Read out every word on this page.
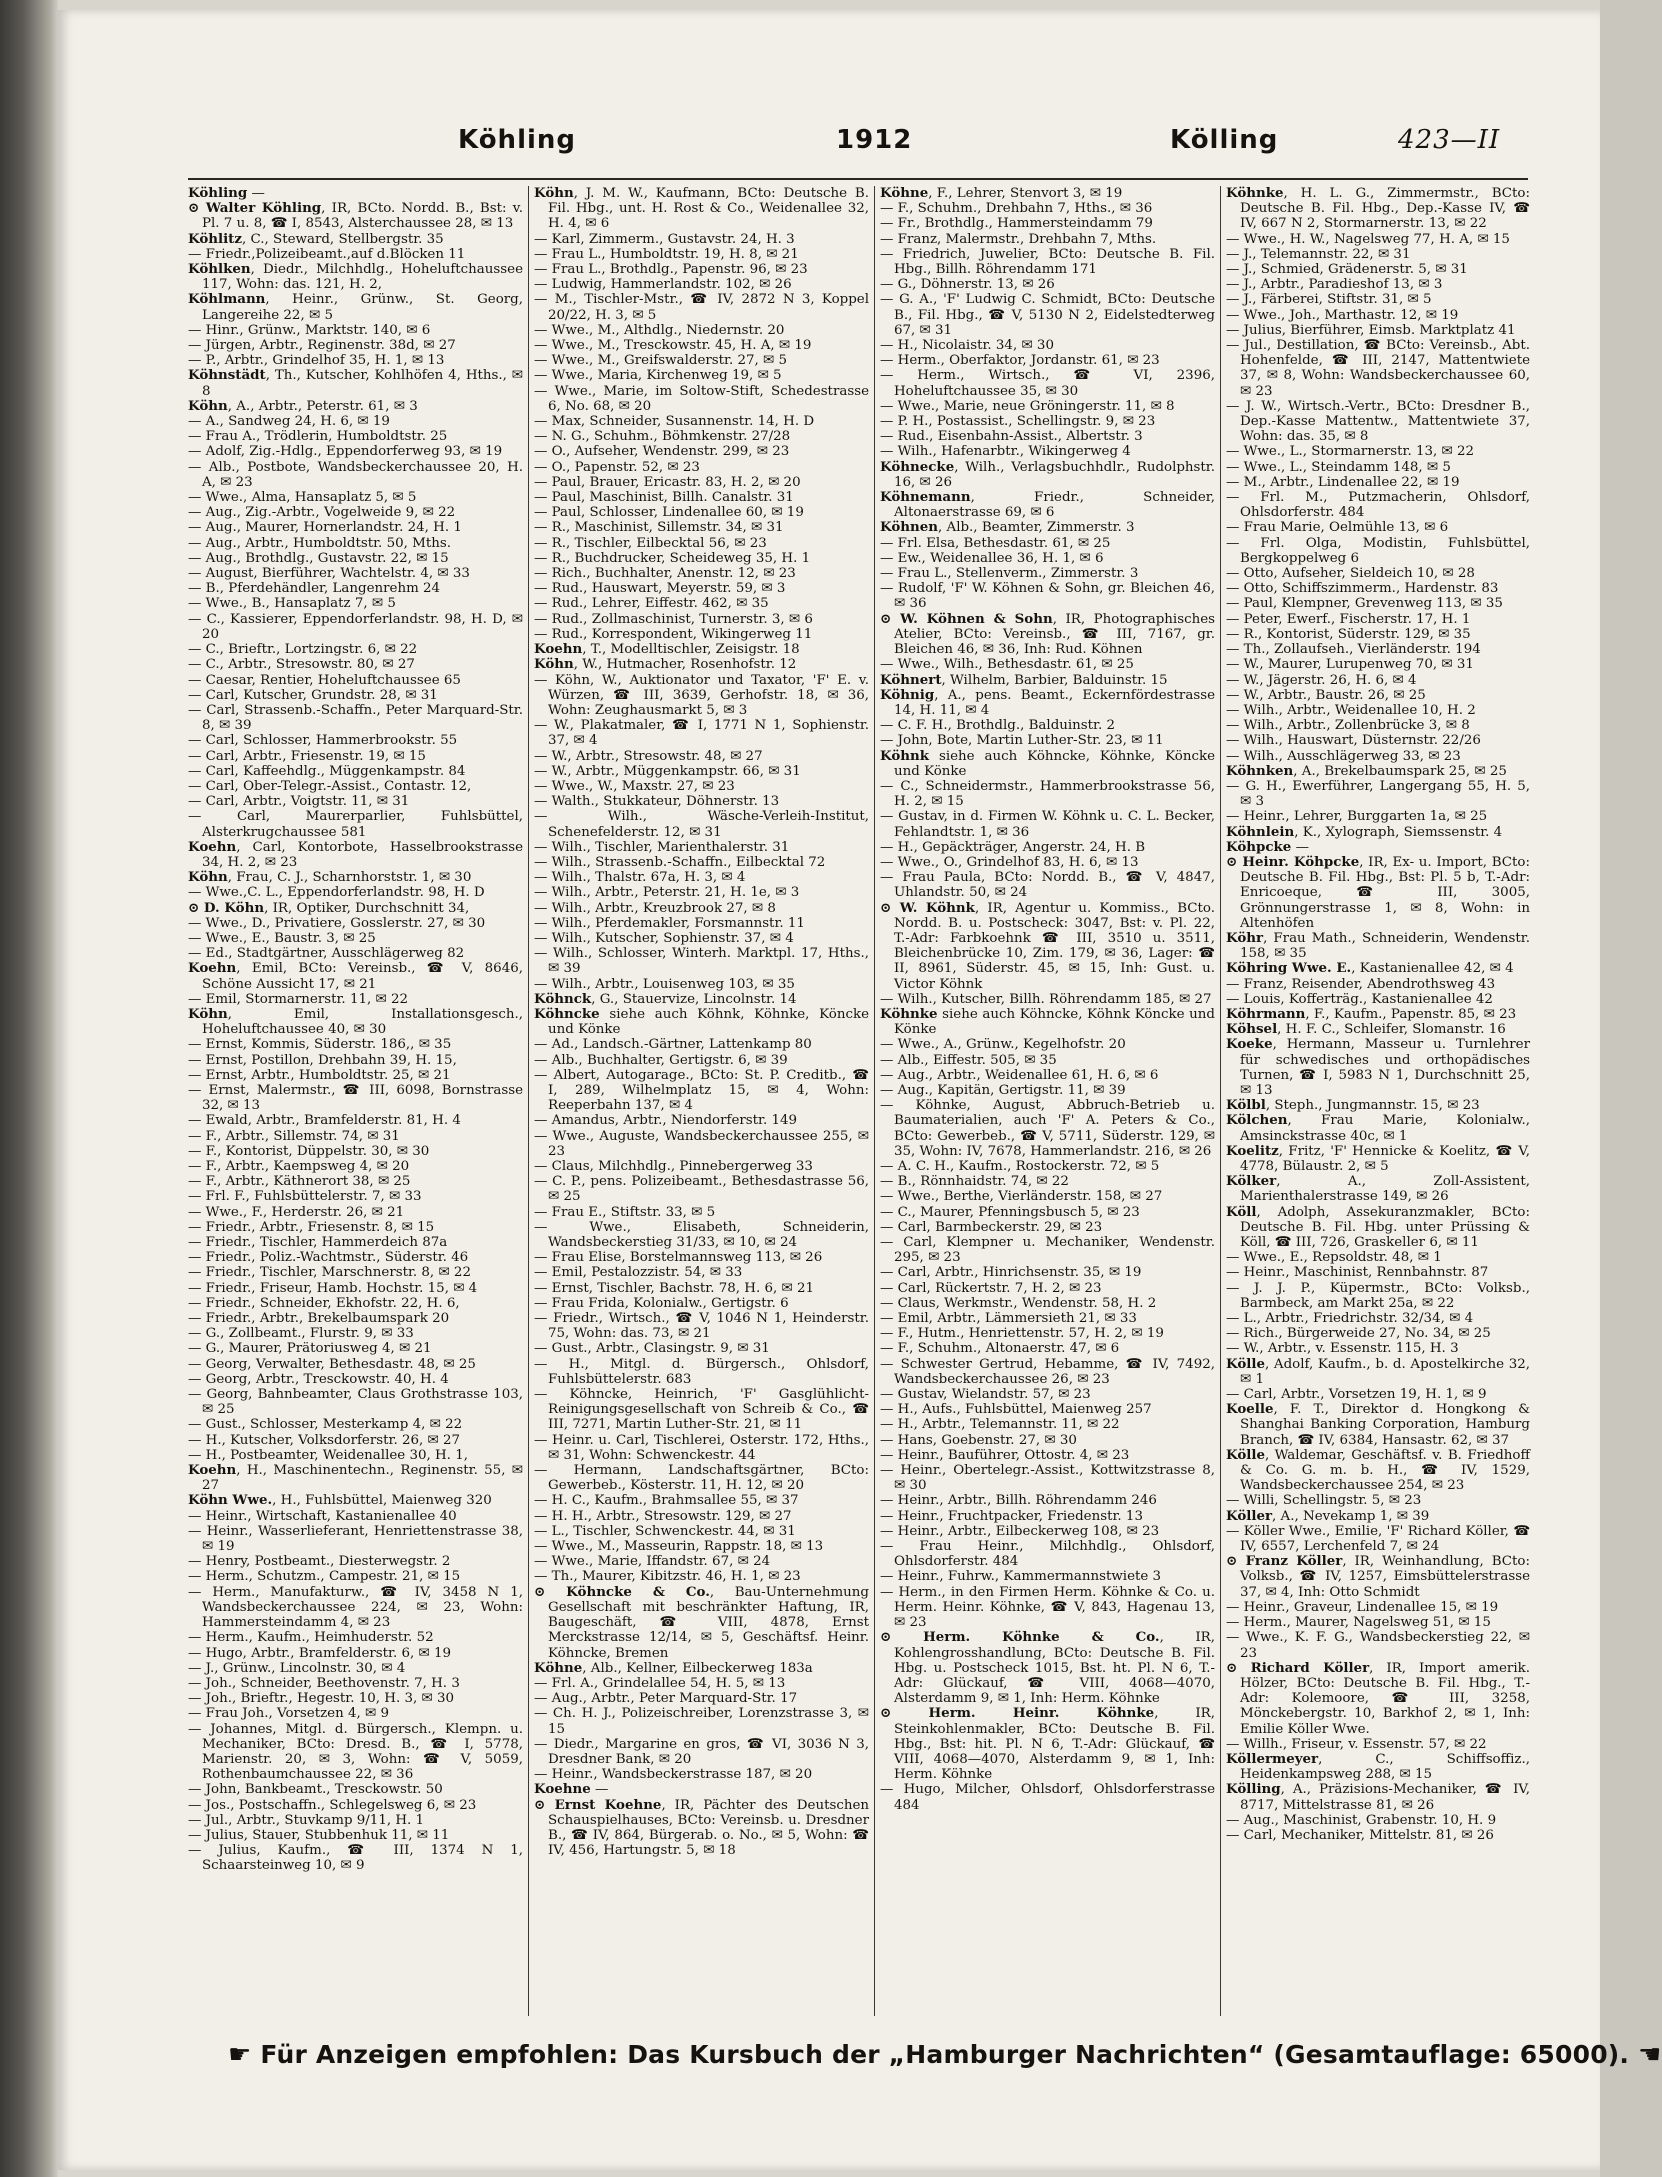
Köhling	1912	Kölling	423—II

Köhling —

⊙ Walter Köhling, IR, BCto. Nordd. B., Bst: v. Pl. 7 u. 8, ☎ I, 8543, Alsterchaussee 28, ✉ 13

Köhlitz, C., Steward, Stellbergstr. 35

— Friedr.,Polizeibeamt.,auf d.Blöcken 11

Köhlken, Diedr., Milchhdlg., Hoheluftchaussee 117, Wohn: das. 121, H. 2,

Köhlmann, Heinr., Grünw., St. Georg, Langereihe 22, ✉ 5

— Hinr., Grünw., Marktstr. 140, ✉ 6

— Jürgen, Arbtr., Reginenstr. 38d, ✉ 27

— P., Arbtr., Grindelhof 35, H. 1, ✉ 13

Köhnstädt, Th., Kutscher, Kohlhöfen 4, Hths., ✉ 8

Köhn, A., Arbtr., Peterstr. 61, ✉ 3

— A., Sandweg 24, H. 6, ✉ 19

— Frau A., Trödlerin, Humboldtstr. 25

— Adolf, Zig.-Hdlg., Eppendorferweg 93, ✉ 19

— Alb., Postbote, Wandsbeckerchaussee 20, H. A, ✉ 23

— Wwe., Alma, Hansaplatz 5, ✉ 5

— Aug., Zig.-Arbtr., Vogelweide 9, ✉ 22

— Aug., Maurer, Hornerlandstr. 24, H. 1

— Aug., Arbtr., Humboldtstr. 50, Mths.

— Aug., Brothdlg., Gustavstr. 22, ✉ 15

— August, Bierführer, Wachtelstr. 4, ✉ 33

— B., Pferdehändler, Langenrehm 24

— Wwe., B., Hansaplatz 7, ✉ 5

— C., Kassierer, Eppendorferlandstr. 98, H. D, ✉ 20

— C., Brieftr., Lortzingstr. 6, ✉ 22

— C., Arbtr., Stresowstr. 80, ✉ 27

— Caesar, Rentier, Hoheluftchaussee 65

— Carl, Kutscher, Grundstr. 28, ✉ 31

— Carl, Strassenb.-Schaffn., Peter Marquard-Str. 8, ✉ 39

— Carl, Schlosser, Hammerbrookstr. 55

— Carl, Arbtr., Friesenstr. 19, ✉ 15

— Carl, Kaffeehdlg., Müggenkampstr. 84

— Carl, Ober-Telegr.-Assist., Contastr. 12,

— Carl, Arbtr., Voigtstr. 11, ✉ 31

— Carl, Maurerparlier, Fuhlsbüttel, Alsterkrugchaussee 581

Koehn, Carl, Kontorbote, Hasselbrookstrasse 34, H. 2, ✉ 23

Köhn, Frau, C. J., Scharnhorststr. 1, ✉ 30

— Wwe.,C. L., Eppendorferlandstr. 98, H. D

⊙ D. Köhn, IR, Optiker, Durchschnitt 34,

— Wwe., D., Privatiere, Gosslerstr. 27, ✉ 30

— Wwe., E., Baustr. 3, ✉ 25

— Ed., Stadtgärtner, Ausschlägerweg 82

Koehn, Emil, BCto: Vereinsb., ☎ V, 8646, Schöne Aussicht 17, ✉ 21

— Emil, Stormarnerstr. 11, ✉ 22

Köhn, Emil, Installationsgesch., Hoheluftchaussee 40, ✉ 30

— Ernst, Kommis, Süderstr. 186,, ✉ 35

— Ernst, Postillon, Drehbahn 39, H. 15,

— Ernst, Arbtr., Humboldtstr. 25, ✉ 21

— Ernst, Malermstr., ☎ III, 6098, Bornstrasse 32, ✉ 13

— Ewald, Arbtr., Bramfelderstr. 81, H. 4

— F., Arbtr., Sillemstr. 74, ✉ 31

— F., Kontorist, Düppelstr. 30, ✉ 30

— F., Arbtr., Kaempsweg 4, ✉ 20

— F., Arbtr., Käthnerort 38, ✉ 25

— Frl. F., Fuhlsbüttelerstr. 7, ✉ 33

— Wwe., F., Herderstr. 26, ✉ 21

— Friedr., Arbtr., Friesenstr. 8, ✉ 15

— Friedr., Tischler, Hammerdeich 87a

— Friedr., Poliz.-Wachtmstr., Süderstr. 46

— Friedr., Tischler, Marschnerstr. 8, ✉ 22

— Friedr., Friseur, Hamb. Hochstr. 15, ✉ 4

— Friedr., Schneider, Ekhofstr. 22, H. 6,

— Friedr., Arbtr., Brekelbaumspark 20

— G., Zollbeamt., Flurstr. 9, ✉ 33

— G., Maurer, Prätoriusweg 4, ✉ 21

— Georg, Verwalter, Bethesdastr. 48, ✉ 25

— Georg, Arbtr., Tresckowstr. 40, H. 4

— Georg, Bahnbeamter, Claus Grothstrasse 103, ✉ 25

— Gust., Schlosser, Mesterkamp 4, ✉ 22

— H., Kutscher, Volksdorferstr. 26, ✉ 27

— H., Postbeamter, Weidenallee 30, H. 1,

Koehn, H., Maschinentechn., Reginenstr. 55, ✉ 27

Köhn Wwe., H., Fuhlsbüttel, Maienweg 320

— Heinr., Wirtschaft, Kastanienallee 40

— Heinr., Wasserlieferant, Henriettenstrasse 38, ✉ 19

— Henry, Postbeamt., Diesterwegstr. 2

— Herm., Schutzm., Campestr. 21, ✉ 15

— Herm., Manufakturw., ☎ IV, 3458 N 1, Wandsbeckerchaussee 224, ✉ 23, Wohn: Hammersteindamm 4, ✉ 23

— Herm., Kaufm., Heimhuderstr. 52

— Hugo, Arbtr., Bramfelderstr. 6, ✉ 19

— J., Grünw., Lincolnstr. 30, ✉ 4

— Joh., Schneider, Beethovenstr. 7, H. 3

— Joh., Brieftr., Hegestr. 10, H. 3, ✉ 30

— Frau Joh., Vorsetzen 4, ✉ 9

— Johannes, Mitgl. d. Bürgersch., Klempn. u. Mechaniker, BCto: Dresd. B., ☎ I, 5778, Marienstr. 20, ✉ 3, Wohn: ☎ V, 5059, Rothenbaumchaussee 22, ✉ 36

— John, Bankbeamt., Tresckowstr. 50

— Jos., Postschaffn., Schlegelsweg 6, ✉ 23

— Jul., Arbtr., Stuvkamp 9/11, H. 1

— Julius, Stauer, Stubbenhuk 11, ✉ 11

— Julius, Kaufm., ☎ III, 1374 N 1, Schaarsteinweg 10, ✉ 9

Köhn, J. M. W., Kaufmann, BCto: Deutsche B. Fil. Hbg., unt. H. Rost & Co., Weidenallee 32, H. 4, ✉ 6

— Karl, Zimmerm., Gustavstr. 24, H. 3

— Frau L., Humboldtstr. 19, H. 8, ✉ 21

— Frau L., Brothdlg., Papenstr. 96, ✉ 23

— Ludwig, Hammerlandstr. 102, ✉ 26

— M., Tischler-Mstr., ☎ IV, 2872 N 3, Koppel 20/22, H. 3, ✉ 5

— Wwe., M., Althdlg., Niedernstr. 20

— Wwe., M., Tresckowstr. 45, H. A, ✉ 19

— Wwe., M., Greifswalderstr. 27, ✉ 5

— Wwe., Maria, Kirchenweg 19, ✉ 5

— Wwe., Marie, im Soltow-Stift, Schedestrasse 6, No. 68, ✉ 20

— Max, Schneider, Susannenstr. 14, H. D

— N. G., Schuhm., Böhmkenstr. 27/28

— O., Aufseher, Wendenstr. 299, ✉ 23

— O., Papenstr. 52, ✉ 23

— Paul, Brauer, Ericastr. 83, H. 2, ✉ 20

— Paul, Maschinist, Billh. Canalstr. 31

— Paul, Schlosser, Lindenallee 60, ✉ 19

— R., Maschinist, Sillemstr. 34, ✉ 31

— R., Tischler, Eilbecktal 56, ✉ 23

— R., Buchdrucker, Scheideweg 35, H. 1

— Rich., Buchhalter, Anenstr. 12, ✉ 23

— Rud., Hauswart, Meyerstr. 59, ✉ 3

— Rud., Lehrer, Eiffestr. 462, ✉ 35

— Rud., Zollmaschinist, Turnerstr. 3, ✉ 6

— Rud., Korrespondent, Wikingerweg 11

Koehn, T., Modelltischler, Zeisigstr. 18

Köhn, W., Hutmacher, Rosenhofstr. 12

— Köhn, W., Auktionator und Taxator, 'F' E. v. Würzen, ☎ III, 3639, Gerhofstr. 18, ✉ 36, Wohn: Zeughausmarkt 5, ✉ 3

— W., Plakatmaler, ☎ I, 1771 N 1, Sophienstr. 37, ✉ 4

— W., Arbtr., Stresowstr. 48, ✉ 27

— W., Arbtr., Müggenkampstr. 66, ✉ 31

— Wwe., W., Maxstr. 27, ✉ 23

— Walth., Stukkateur, Döhnerstr. 13

— Wilh., Wäsche-Verleih-Institut, Schenefelderstr. 12, ✉ 31

— Wilh., Tischler, Marienthalerstr. 31

— Wilh., Strassenb.-Schaffn., Eilbecktal 72

— Wilh., Thalstr. 67a, H. 3, ✉ 4

— Wilh., Arbtr., Peterstr. 21, H. 1e, ✉ 3

— Wilh., Arbtr., Kreuzbrook 27, ✉ 8

— Wilh., Pferdemakler, Forsmannstr. 11

— Wilh., Kutscher, Sophienstr. 37, ✉ 4

— Wilh., Schlosser, Winterh. Marktpl. 17, Hths., ✉ 39

— Wilh., Arbtr., Louisenweg 103, ✉ 35

Köhnck, G., Stauervize, Lincolnstr. 14

Köhncke siehe auch Köhnk, Köhnke, Köncke und Könke

— Ad., Landsch.-Gärtner, Lattenkamp 80

— Alb., Buchhalter, Gertigstr. 6, ✉ 39

— Albert, Autogarage., BCto: St. P. Creditb., ☎ I, 289, Wilhelmplatz 15, ✉ 4, Wohn: Reeperbahn 137, ✉ 4

— Amandus, Arbtr., Niendorferstr. 149

— Wwe., Auguste, Wandsbeckerchaussee 255, ✉ 23

— Claus, Milchhdlg., Pinnebergerweg 33

— C. P., pens. Polizeibeamt., Bethesdastrasse 56, ✉ 25

— Frau E., Stiftstr. 33, ✉ 5

— Wwe., Elisabeth, Schneiderin, Wandsbeckerstieg 31/33, ✉ 10, ✉ 24

— Frau Elise, Borstelmannsweg 113, ✉ 26

— Emil, Pestalozzistr. 54, ✉ 33

— Ernst, Tischler, Bachstr. 78, H. 6, ✉ 21

— Frau Frida, Kolonialw., Gertigstr. 6

— Friedr., Wirtsch., ☎ V, 1046 N 1, Heinderstr. 75, Wohn: das. 73, ✉ 21

— Gust., Arbtr., Clasingstr. 9, ✉ 31

— H., Mitgl. d. Bürgersch., Ohlsdorf, Fuhlsbüttelerstr. 683

— Köhncke, Heinrich, 'F' Gasglühlicht-Reinigungsgesellschaft von Schreib & Co., ☎ III, 7271, Martin Luther-Str. 21, ✉ 11

— Heinr. u. Carl, Tischlerei, Osterstr. 172, Hths., ✉ 31, Wohn: Schwenckestr. 44

— Hermann, Landschaftsgärtner, BCto: Gewerbeb., Kösterstr. 11, H. 12, ✉ 20

— H. C., Kaufm., Brahmsallee 55, ✉ 37

— H. H., Arbtr., Stresowstr. 129, ✉ 27

— L., Tischler, Schwenckestr. 44, ✉ 31

— Wwe., M., Masseurin, Rappstr. 18, ✉ 13

— Wwe., Marie, Iffandstr. 67, ✉ 24

— Th., Maurer, Kibitzstr. 46, H. 1, ✉ 23

⊙ Köhncke & Co., Bau-Unternehmung Gesellschaft mit beschränkter Haftung, IR, Baugeschäft, ☎ VIII, 4878, Ernst Merckstrasse 12/14, ✉ 5, Geschäftsf. Heinr. Köhncke, Bremen

Köhne, Alb., Kellner, Eilbeckerweg 183a

— Frl. A., Grindelallee 54, H. 5, ✉ 13

— Aug., Arbtr., Peter Marquard-Str. 17

— Ch. H. J., Polizeischreiber, Lorenzstrasse 3, ✉ 15

— Diedr., Margarine en gros, ☎ VI, 3036 N 3, Dresdner Bank, ✉ 20

— Heinr., Wandsbeckerstrasse 187, ✉ 20

Koehne —

⊙ Ernst Koehne, IR, Pächter des Deutschen Schauspielhauses, BCto: Vereinsb. u. Dresdner B., ☎ IV, 864, Bürgerab. o. No., ✉ 5, Wohn: ☎ IV, 456, Hartungstr. 5, ✉ 18

Köhne, F., Lehrer, Stenvort 3, ✉ 19

— F., Schuhm., Drehbahn 7, Hths., ✉ 36

— Fr., Brothdlg., Hammersteindamm 79

— Franz, Malermstr., Drehbahn 7, Mths.

— Friedrich, Juwelier, BCto: Deutsche B. Fil. Hbg., Billh. Röhrendamm 171

— G., Döhnerstr. 13, ✉ 26

— G. A., 'F' Ludwig C. Schmidt, BCto: Deutsche B., Fil. Hbg., ☎ V, 5130 N 2, Eidelstedterweg 67, ✉ 31

— H., Nicolaistr. 34, ✉ 30

— Herm., Oberfaktor, Jordanstr. 61, ✉ 23

— Herm., Wirtsch., ☎ VI, 2396, Hoheluftchaussee 35, ✉ 30

— Wwe., Marie, neue Gröningerstr. 11, ✉ 8

— P. H., Postassist., Schellingstr. 9, ✉ 23

— Rud., Eisenbahn-Assist., Albertstr. 3

— Wilh., Hafenarbtr., Wikingerweg 4

Köhnecke, Wilh., Verlagsbuchhdlr., Rudolphstr. 16, ✉ 26

Köhnemann, Friedr., Schneider, Altonaerstrasse 69, ✉ 6

Köhnen, Alb., Beamter, Zimmerstr. 3

— Frl. Elsa, Bethesdastr. 61, ✉ 25

— Ew., Weidenallee 36, H. 1, ✉ 6

— Frau L., Stellenverm., Zimmerstr. 3

— Rudolf, 'F' W. Köhnen & Sohn, gr. Bleichen 46, ✉ 36

⊙ W. Köhnen & Sohn, IR, Photographisches Atelier, BCto: Vereinsb., ☎ III, 7167, gr. Bleichen 46, ✉ 36, Inh: Rud. Köhnen

— Wwe., Wilh., Bethesdastr. 61, ✉ 25

Köhnert, Wilhelm, Barbier, Balduinstr. 15

Köhnig, A., pens. Beamt., Eckernfördestrasse 14, H. 11, ✉ 4

— C. F. H., Brothdlg., Balduinstr. 2

— John, Bote, Martin Luther-Str. 23, ✉ 11

Köhnk siehe auch Köhncke, Köhnke, Köncke und Könke

— C., Schneidermstr., Hammerbrookstrasse 56, H. 2, ✉ 15

— Gustav, in d. Firmen W. Köhnk u. C. L. Becker, Fehlandtstr. 1, ✉ 36

— H., Gepäckträger, Angerstr. 24, H. B

— Wwe., O., Grindelhof 83, H. 6, ✉ 13

— Frau Paula, BCto: Nordd. B., ☎ V, 4847, Uhlandstr. 50, ✉ 24

⊙ W. Köhnk, IR, Agentur u. Kommiss., BCto. Nordd. B. u. Postscheck: 3047, Bst: v. Pl. 22, T.-Adr: Farbkoehnk ☎ III, 3510 u. 3511, Bleichenbrücke 10, Zim. 179, ✉ 36, Lager: ☎ II, 8961, Süderstr. 45, ✉ 15, Inh: Gust. u. Victor Köhnk

— Wilh., Kutscher, Billh. Röhrendamm 185, ✉ 27

Köhnke siehe auch Köhncke, Köhnk Köncke und Könke

— Wwe., A., Grünw., Kegelhofstr. 20

— Alb., Eiffestr. 505, ✉ 35

— Aug., Arbtr., Weidenallee 61, H. 6, ✉ 6

— Aug., Kapitän, Gertigstr. 11, ✉ 39

— Köhnke, August, Abbruch-Betrieb u. Baumaterialien, auch 'F' A. Peters & Co., BCto: Gewerbeb., ☎ V, 5711, Süderstr. 129, ✉ 35, Wohn: IV, 7678, Hammerlandstr. 216, ✉ 26

— A. C. H., Kaufm., Rostockerstr. 72, ✉ 5

— B., Rönnhaidstr. 74, ✉ 22

— Wwe., Berthe, Vierländerstr. 158, ✉ 27

— C., Maurer, Pfenningsbusch 5, ✉ 23

— Carl, Barmbeckerstr. 29, ✉ 23

— Carl, Klempner u. Mechaniker, Wendenstr. 295, ✉ 23

— Carl, Arbtr., Hinrichsenstr. 35, ✉ 19

— Carl, Rückertstr. 7, H. 2, ✉ 23

— Claus, Werkmstr., Wendenstr. 58, H. 2

— Emil, Arbtr., Lämmersieth 21, ✉ 33

— F., Hutm., Henriettenstr. 57, H. 2, ✉ 19

— F., Schuhm., Altonaerstr. 47, ✉ 6

— Schwester Gertrud, Hebamme, ☎ IV, 7492, Wandsbeckerchaussee 26, ✉ 23

— Gustav, Wielandstr. 57, ✉ 23

— H., Aufs., Fuhlsbüttel, Maienweg 257

— H., Arbtr., Telemannstr. 11, ✉ 22

— Hans, Goebenstr. 27, ✉ 30

— Heinr., Bauführer, Ottostr. 4, ✉ 23

— Heinr., Obertelegr.-Assist., Kottwitzstrasse 8, ✉ 30

— Heinr., Arbtr., Billh. Röhrendamm 246

— Heinr., Fruchtpacker, Friedenstr. 13

— Heinr., Arbtr., Eilbeckerweg 108, ✉ 23

— Frau Heinr., Milchhdlg., Ohlsdorf, Ohlsdorferstr. 484

— Heinr., Fuhrw., Kammermannstwiete 3

— Herm., in den Firmen Herm. Köhnke & Co. u. Herm. Heinr. Köhnke, ☎ V, 843, Hagenau 13, ✉ 23

⊙ Herm. Köhnke & Co., IR, Kohlengrosshandlung, BCto: Deutsche B. Fil. Hbg. u. Postscheck 1015, Bst. ht. Pl. N 6, T.-Adr: Glückauf, ☎ VIII, 4068—4070, Alsterdamm 9, ✉ 1, Inh: Herm. Köhnke

⊙ Herm. Heinr. Köhnke, IR, Steinkohlenmakler, BCto: Deutsche B. Fil. Hbg., Bst: hit. Pl. N 6, T.-Adr: Glückauf, ☎ VIII, 4068—4070, Alsterdamm 9, ✉ 1, Inh: Herm. Köhnke

— Hugo, Milcher, Ohlsdorf, Ohlsdorferstrasse 484

Köhnke, H. L. G., Zimmermstr., BCto: Deutsche B. Fil. Hbg., Dep.-Kasse IV, ☎ IV, 667 N 2, Stormarnerstr. 13, ✉ 22

— Wwe., H. W., Nagelsweg 77, H. A, ✉ 15

— J., Telemannstr. 22, ✉ 31

— J., Schmied, Grädenerstr. 5, ✉ 31

— J., Arbtr., Paradieshof 13, ✉ 3

— J., Färberei, Stiftstr. 31, ✉ 5

— Wwe., Joh., Marthastr. 12, ✉ 19

— Julius, Bierführer, Eimsb. Marktplatz 41

— Jul., Destillation, ☎ BCto: Vereinsb., Abt. Hohenfelde, ☎ III, 2147, Mattentwiete 37, ✉ 8, Wohn: Wandsbeckerchaussee 60, ✉ 23

— J. W., Wirtsch.-Vertr., BCto: Dresdner B., Dep.-Kasse Mattentw., Mattentwiete 37, Wohn: das. 35, ✉ 8

— Wwe., L., Stormarnerstr. 13, ✉ 22

— Wwe., L., Steindamm 148, ✉ 5

— M., Arbtr., Lindenallee 22, ✉ 19

— Frl. M., Putzmacherin, Ohlsdorf, Ohlsdorferstr. 484

— Frau Marie, Oelmühle 13, ✉ 6

— Frl. Olga, Modistin, Fuhlsbüttel, Bergkoppelweg 6

— Otto, Aufseher, Sieldeich 10, ✉ 28

— Otto, Schiffszimmerm., Hardenstr. 83

— Paul, Klempner, Grevenweg 113, ✉ 35

— Peter, Ewerf., Fischerstr. 17, H. 1

— R., Kontorist, Süderstr. 129, ✉ 35

— Th., Zollaufseh., Vierländerstr. 194

— W., Maurer, Lurupenweg 70, ✉ 31

— W., Jägerstr. 26, H. 6, ✉ 4

— W., Arbtr., Baustr. 26, ✉ 25

— Wilh., Arbtr., Weidenallee 10, H. 2

— Wilh., Arbtr., Zollenbrücke 3, ✉ 8

— Wilh., Hauswart, Düsternstr. 22/26

— Wilh., Ausschlägerweg 33, ✉ 23

Köhnken, A., Brekelbaumspark 25, ✉ 25

— G. H., Ewerführer, Langergang 55, H. 5, ✉ 3

— Heinr., Lehrer, Burggarten 1a, ✉ 25

Köhnlein, K., Xylograph, Siemssenstr. 4

Köhpcke —

⊙ Heinr. Köhpcke, IR, Ex- u. Import, BCto: Deutsche B. Fil. Hbg., Bst: Pl. 5 b, T.-Adr: Enricoeque, ☎ III, 3005, Grönnungerstrasse 1, ✉ 8, Wohn: in Altenhöfen

Köhr, Frau Math., Schneiderin, Wendenstr. 158, ✉ 35

Köhring Wwe. E., Kastanienallee 42, ✉ 4

— Franz, Reisender, Abendrothsweg 43

— Louis, Kofferträg., Kastanienallee 42

Köhrmann, F., Kaufm., Papenstr. 85, ✉ 23

Köhsel, H. F. C., Schleifer, Slomanstr. 16

Koeke, Hermann, Masseur u. Turnlehrer für schwedisches und orthopädisches Turnen, ☎ I, 5983 N 1, Durchschnitt 25, ✉ 13

Kölbl, Steph., Jungmannstr. 15, ✉ 23

Kölchen, Frau Marie, Kolonialw., Amsinckstrasse 40c, ✉ 1

Koelitz, Fritz, 'F' Hennicke & Koelitz, ☎ V, 4778, Bülaustr. 2, ✉ 5

Kölker, A., Zoll-Assistent, Marienthalerstrasse 149, ✉ 26

Köll, Adolph, Assekuranzmakler, BCto: Deutsche B. Fil. Hbg. unter Prüssing & Köll, ☎ III, 726, Graskeller 6, ✉ 11

— Wwe., E., Repsoldstr. 48, ✉ 1

— Heinr., Maschinist, Rennbahnstr. 87

— J. J. P., Küpermstr., BCto: Volksb., Barmbeck, am Markt 25a, ✉ 22

— L., Arbtr., Friedrichstr. 32/34, ✉ 4

— Rich., Bürgerweide 27, No. 34, ✉ 25

— W., Arbtr., v. Essenstr. 115, H. 3

Kölle, Adolf, Kaufm., b. d. Apostelkirche 32, ✉ 1

— Carl, Arbtr., Vorsetzen 19, H. 1, ✉ 9

Koelle, F. T., Direktor d. Hongkong & Shanghai Banking Corporation, Hamburg Branch, ☎ IV, 6384, Hansastr. 62, ✉ 37

Kölle, Waldemar, Geschäftsf. v. B. Friedhoff & Co. G. m. b. H., ☎ IV, 1529, Wandsbeckerchaussee 254, ✉ 23

— Willi, Schellingstr. 5, ✉ 23

Köller, A., Nevekamp 1, ✉ 39

— Köller Wwe., Emilie, 'F' Richard Köller, ☎ IV, 6557, Lerchenfeld 7, ✉ 24

⊙ Franz Köller, IR, Weinhandlung, BCto: Volksb., ☎ IV, 1257, Eimsbüttelerstrasse 37, ✉ 4, Inh: Otto Schmidt

— Heinr., Graveur, Lindenallee 15, ✉ 19

— Herm., Maurer, Nagelsweg 51, ✉ 15

— Wwe., K. F. G., Wandsbeckerstieg 22, ✉ 23

⊙ Richard Köller, IR, Import amerik. Hölzer, BCto: Deutsche B. Fil. Hbg., T.-Adr: Kolemoore, ☎ III, 3258, Mönckebergstr. 10, Barkhof 2, ✉ 1, Inh: Emilie Köller Wwe.

— Willh., Friseur, v. Essenstr. 57, ✉ 22

Köllermeyer, C., Schiffsoffiz., Heidenkampsweg 288, ✉ 15

Kölling, A., Präzisions-Mechaniker, ☎ IV, 8717, Mittelstrasse 81, ✉ 26

— Aug., Maschinist, Grabenstr. 10, H. 9

— Carl, Mechaniker, Mittelstr. 81, ✉ 26

☛ Für Anzeigen empfohlen: Das Kursbuch der „Hamburger Nachrichten“ (Gesamtauflage: 65000). ☚
